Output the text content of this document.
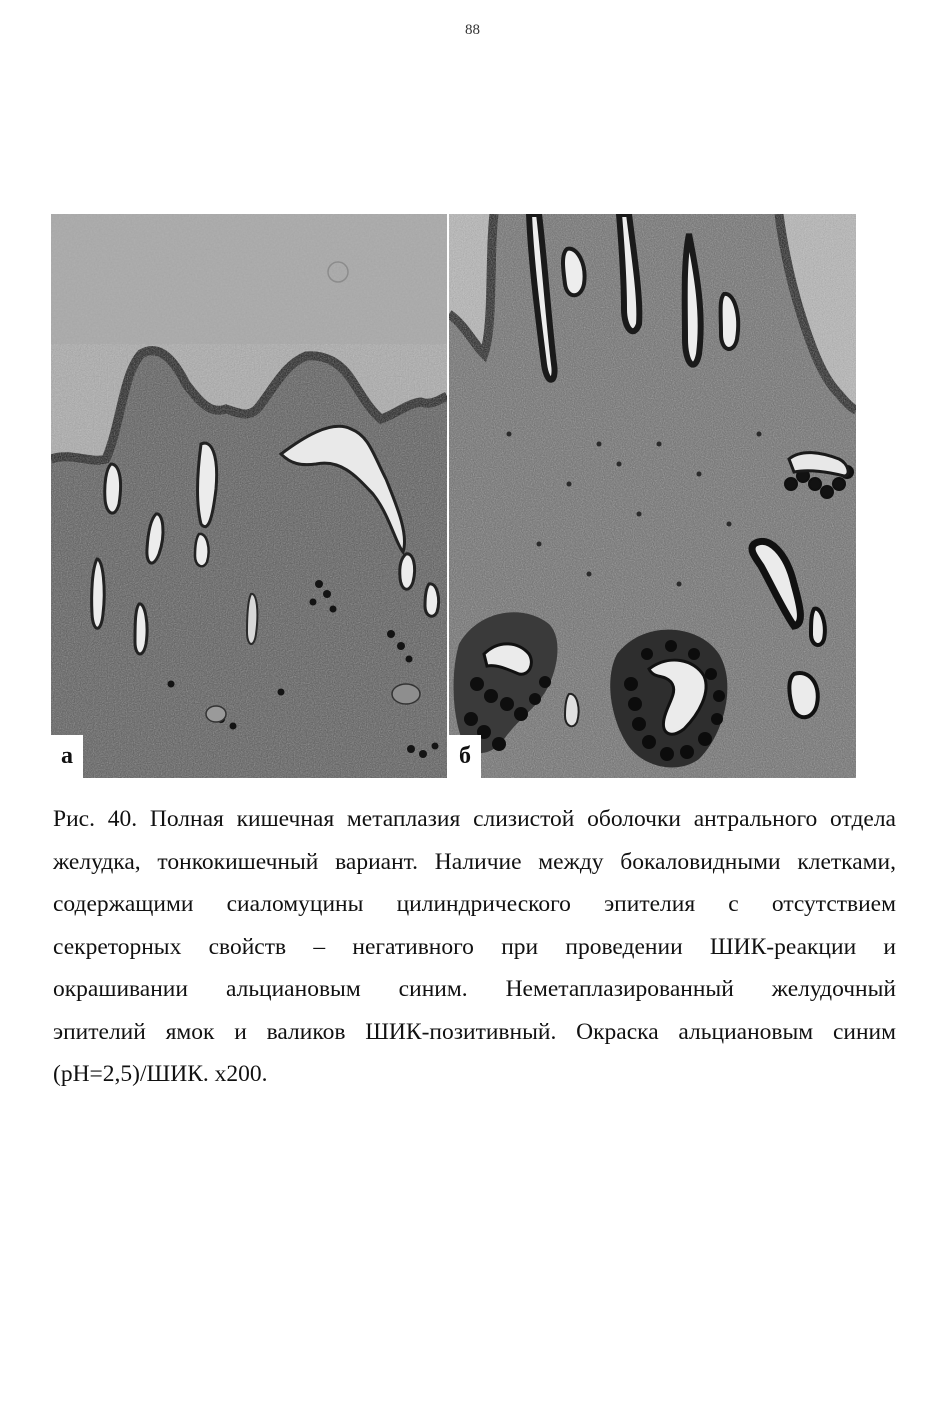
88
а	б
Рис. 40. Полная кишечная метаплазия слизистой оболочки антрального отдела
желудка, тонкокишечный вариант. Наличие между бокаловидными клетками,
содержащими сиаломуцины цилиндрического эпителия с отсутствием
секреторных свойств – негативного при проведении ШИК-реакции и
окрашивании альциановым синим. Неметаплазированный желудочный
эпителий ямок и валиков ШИК-позитивный. Окраска альциановым синим
(рН=2,5)/ШИК. х200.
